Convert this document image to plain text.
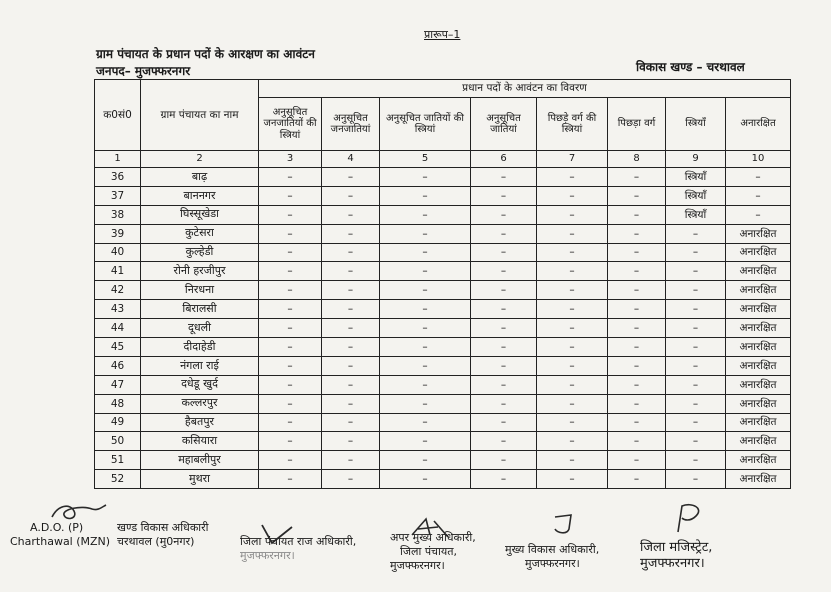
प्रारूप–1
ग्राम पंचायत के प्रधान पदों के आरक्षण का आवंटन
जनपद– मुजफ्फरनगर	विकास खण्ड – चरथावल
क0सं0	ग्राम पंचायत का नाम	प्रधान पदों के आवंटन का विवरण							
		अनुसूचित जनजातियों की स्त्रियां	अनुसूचित जनजातियां	अनुसूचित जातियों की स्त्रियां	अनुसूचित जातियां	पिछड़े वर्ग की स्त्रियां	पिछड़ा वर्ग	स्त्रियाँ	अनारक्षित
1	2	3	4	5	6	7	8	9	10
36	बाढ़	–	–	–	–	–	–	स्त्रियाँ	–
37	बाननगर	–	–	–	–	–	–	स्त्रियाँ	–
38	घिस्सूखेडा	–	–	–	–	–	–	स्त्रियाँ	–
39	कुटेसरा	–	–	–	–	–	–	–	अनारक्षित
40	कुल्हेडी	–	–	–	–	–	–	–	अनारक्षित
41	रोनी हरजीपुर	–	–	–	–	–	–	–	अनारक्षित
42	निरधना	–	–	–	–	–	–	–	अनारक्षित
43	बिरालसी	–	–	–	–	–	–	–	अनारक्षित
44	दूधली	–	–	–	–	–	–	–	अनारक्षित
45	दीदाहेडी	–	–	–	–	–	–	–	अनारक्षित
46	नंगला राई	–	–	–	–	–	–	–	अनारक्षित
47	दधेडू खुर्द	–	–	–	–	–	–	–	अनारक्षित
48	कल्लरपुर	–	–	–	–	–	–	–	अनारक्षित
49	हैबतपुर	–	–	–	–	–	–	–	अनारक्षित
50	कसियारा	–	–	–	–	–	–	–	अनारक्षित
51	महाबलीपुर	–	–	–	–	–	–	–	अनारक्षित
52	मुथरा	–	–	–	–	–	–	–	अनारक्षित
A.D.O. (P)
Charthawal (MZN)
खण्ड विकास अधिकारी
चरथावल (मु0नगर)	जिला पंचायत राज अधिकारी,
मुजफ्फरनगर।
अपर मुख्य अधिकारी,
जिला पंचायत,
मुजफ्फरनगर।
मुख्य विकास अधिकारी,
मुजफ्फरनगर।
जिला मजिस्ट्रेट,
मुजफ्फरनगर।
